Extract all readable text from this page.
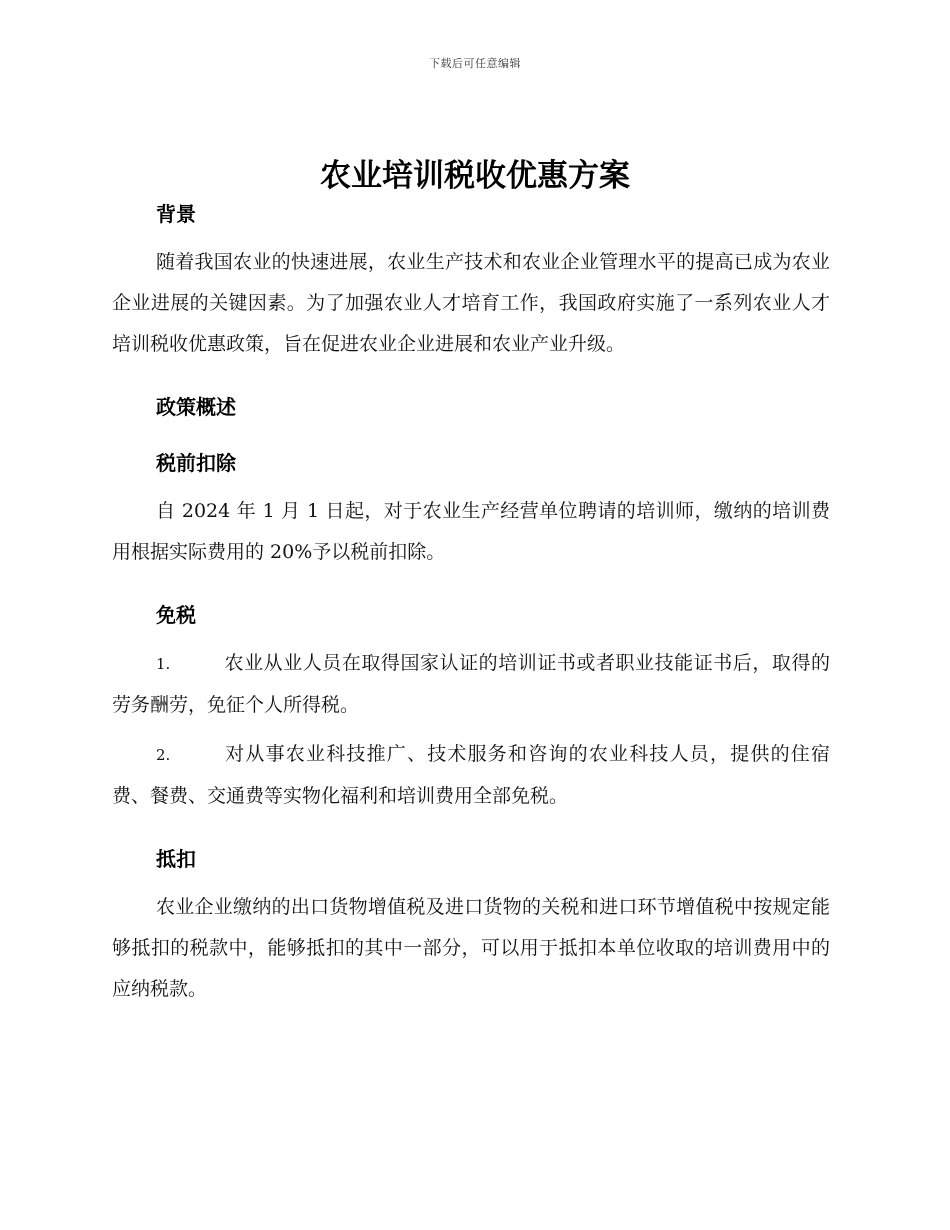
下载后可任意编辑
农业培训税收优惠方案
背景

随着我国农业的快速进展，农业生产技术和农业企业管理水平的提高已成为农业企业进展的关键因素。为了加强农业人才培育工作，我国政府实施了一系列农业人才培训税收优惠政策，旨在促进农业企业进展和农业产业升级。

政策概述
税前扣除

自 2024 年 1 月 1 日起，对于农业生产经营单位聘请的培训师，缴纳的培训费用根据实际费用的 20%予以税前扣除。

免税

1.	农业从业人员在取得国家认证的培训证书或者职业技能证书后，取得的劳务酬劳，免征个人所得税。

2.	对从事农业科技推广、技术服务和咨询的农业科技人员，提供的住宿费、餐费、交通费等实物化福利和培训费用全部免税。

抵扣

农业企业缴纳的出口货物增值税及进口货物的关税和进口环节增值税中按规定能够抵扣的税款中，能够抵扣的其中一部分，可以用于抵扣本单位收取的培训费用中的应纳税款。
